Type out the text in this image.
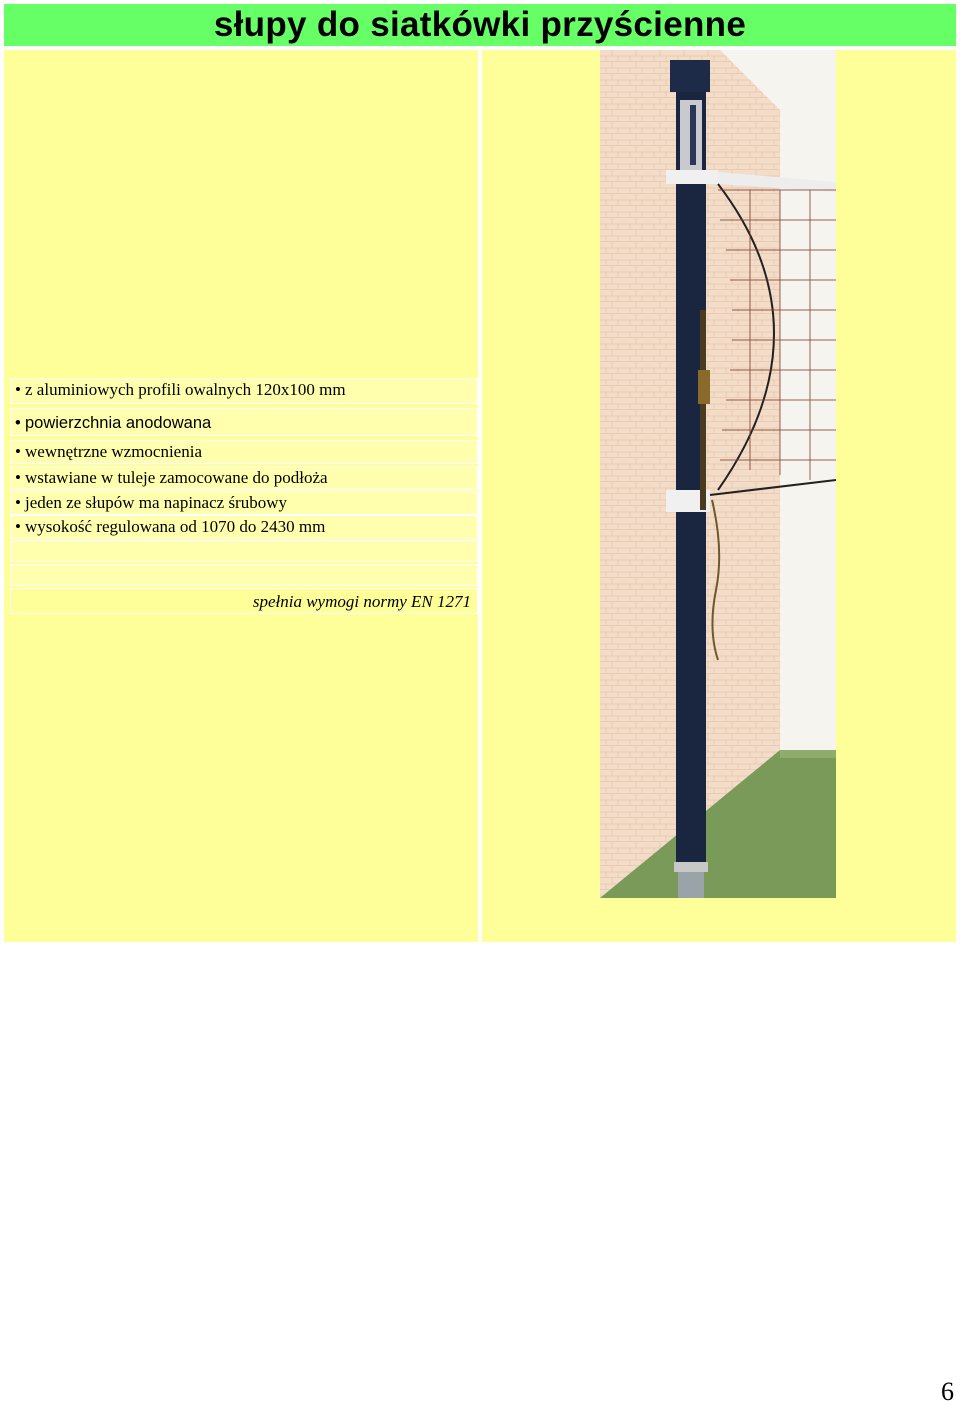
słupy do siatkówki przyścienne
• z aluminiowych profili owalnych 120x100 mm
• powierzchnia anodowana
• wewnętrzne wzmocnienia
• wstawiane w tuleje zamocowane do podłoża
• jeden ze słupów ma napinacz śrubowy
• wysokość regulowana od 1070 do 2430 mm
spełnia wymogi normy EN 1271
6
